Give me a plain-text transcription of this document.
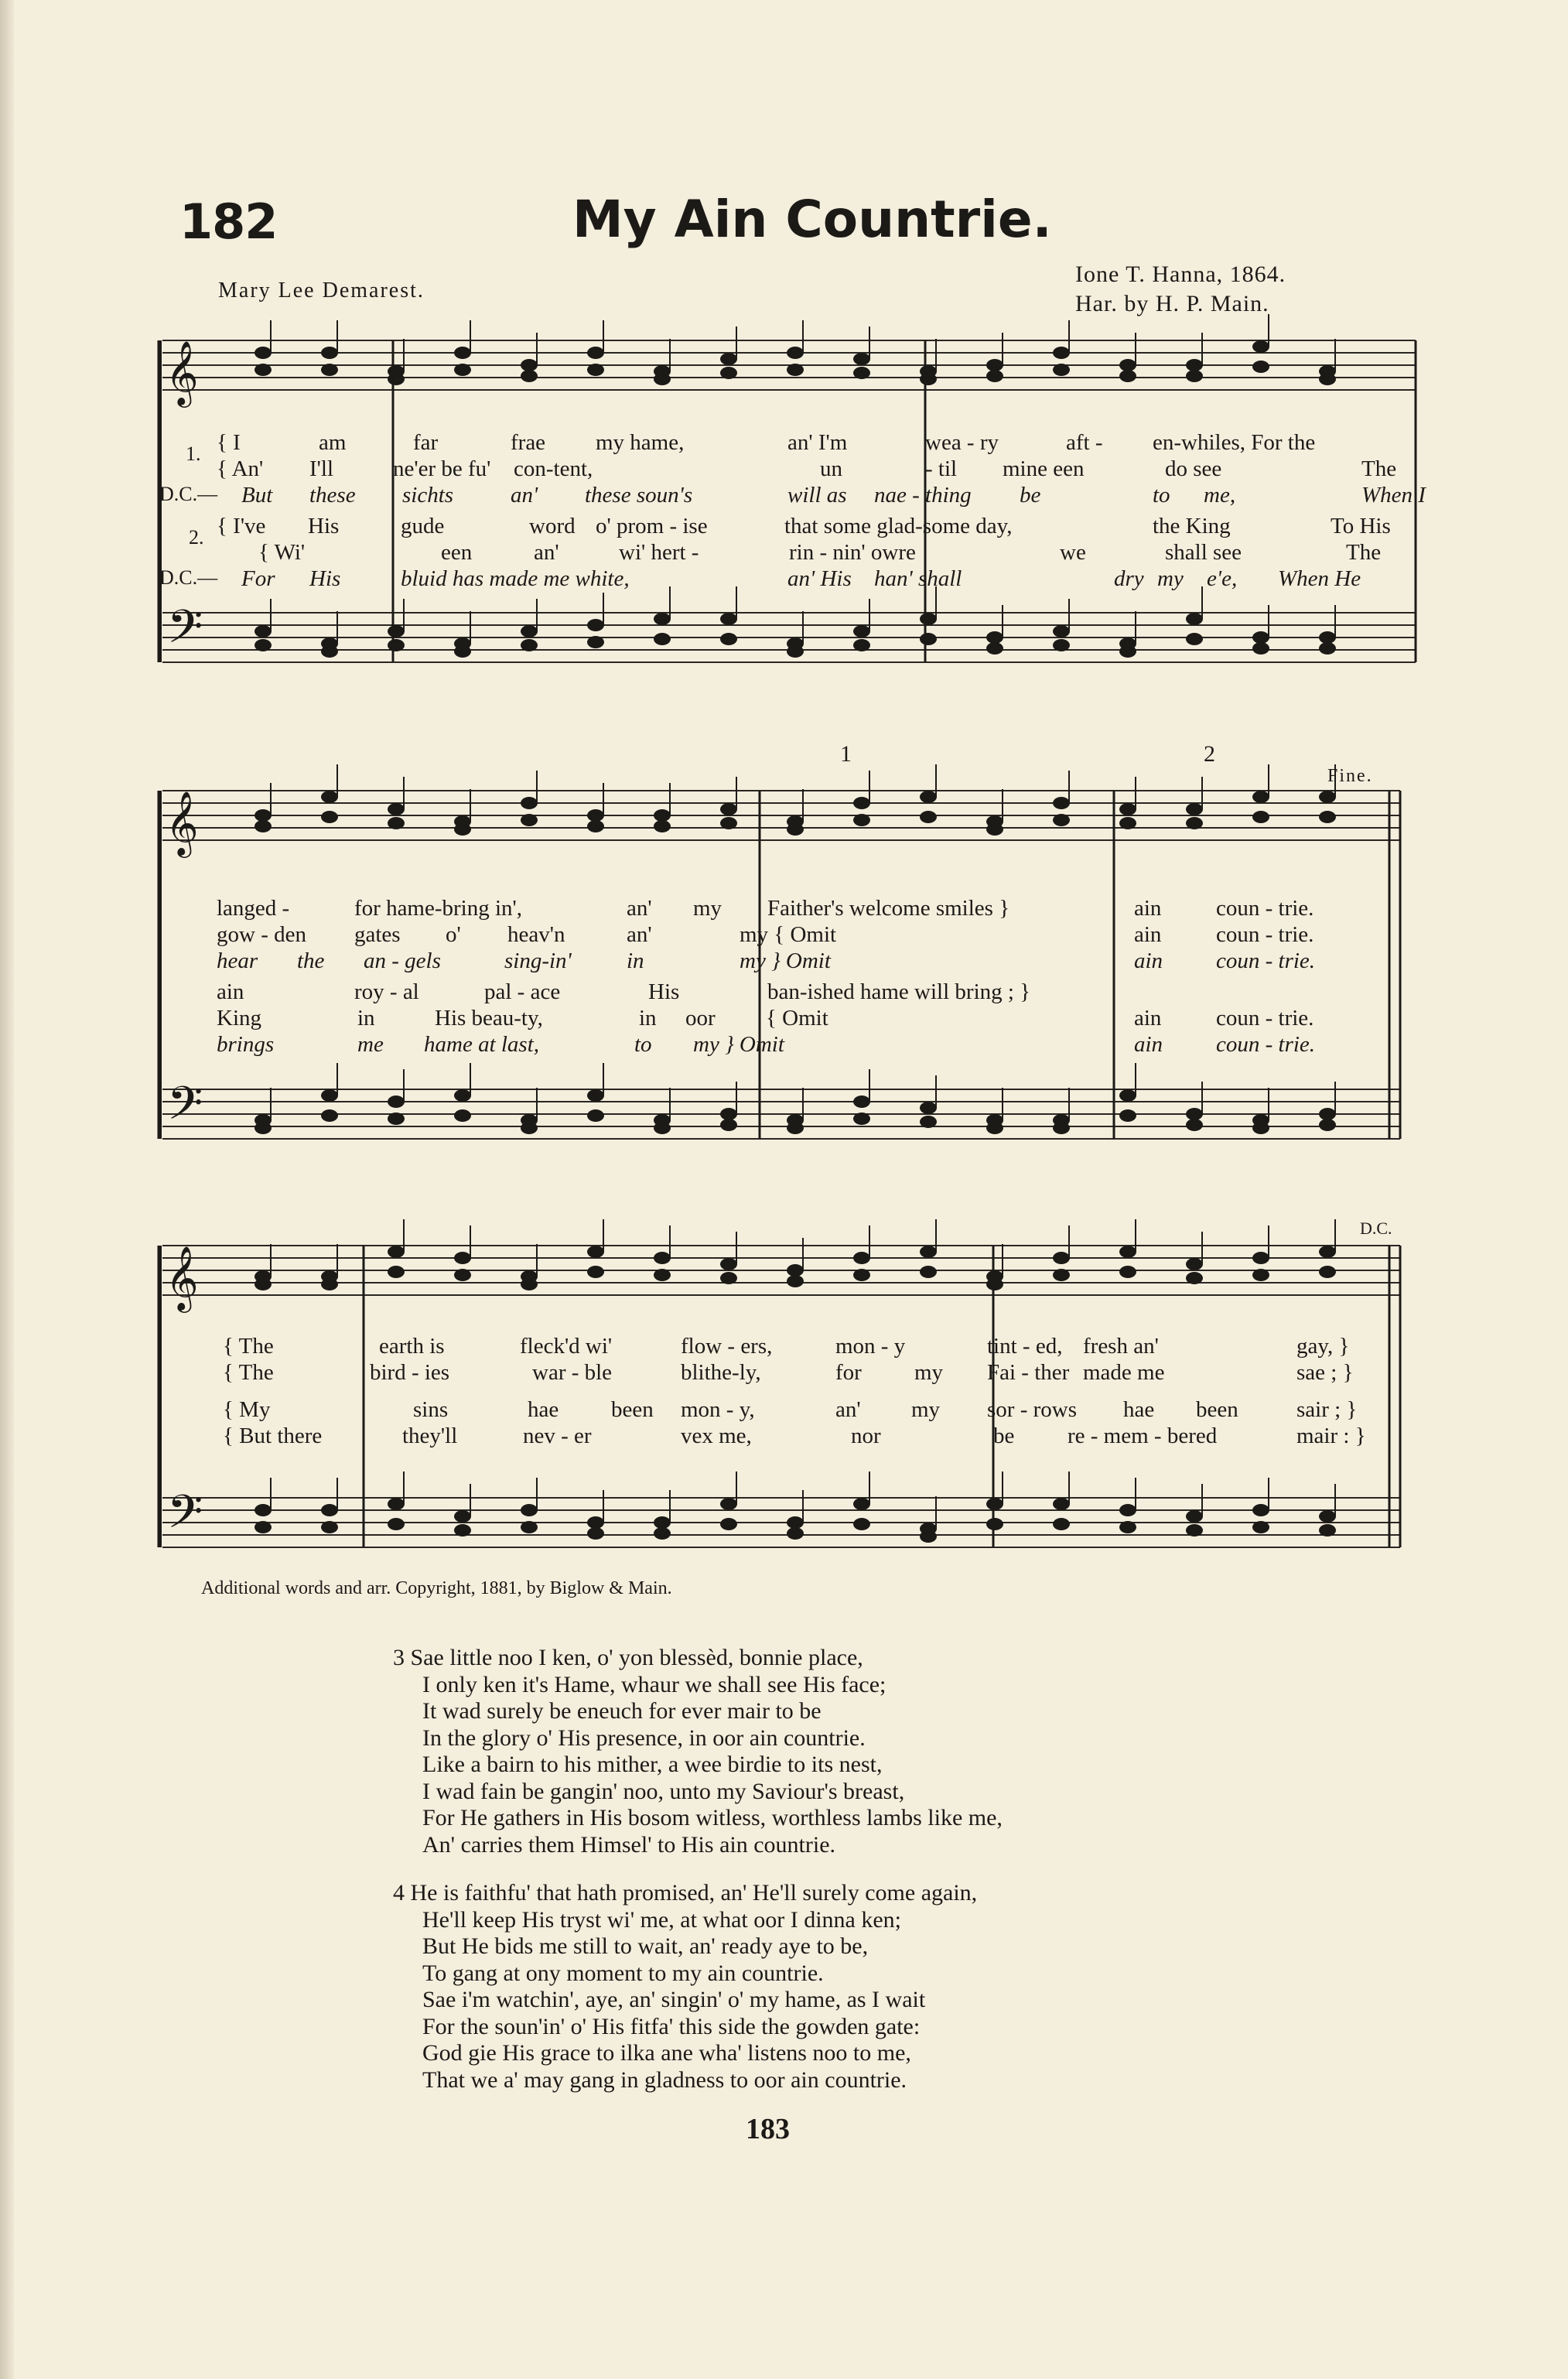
182	My Ain Countrie.
Mary Lee Demarest.
Ione T. Hanna, 1864.
Har. by H. P. Main.
𝄞
𝄢
𝄞
𝄢
𝄞
𝄢
{ I	am	far	frae my hame,	an' I'm	wea - ry	aft - en-whiles, For the
{ An' I'll	ne'er be fu' con-tent,	un	- til mine een	do see	The
But these sichts	an' these soun's	will as nae - thing be	to me,	When I
{ I've His	gude	word o' prom - ise	that some glad-some day,	the King	To His
{ Wi'	een	an'	wi' hert -	rin - nin' owre	we	shall see	The
For His	bluid has made me white,	an' His han' shall	dry my e'e, When He
1.
D.C.—
2.
D.C.—
1	2
Fine.
langed -	for hame-bring in',	an' my Faither's welcome smiles }	ain coun - trie.
gow - den gates o' heav'n	an'	my { Omit	ain coun - trie.
hear the an - gels	sing-in' in	my } Omit	ain coun - trie.
ain	roy - al	pal - ace	His	ban-ished hame will bring ; }
King	in	His beau-ty,	in oor { Omit	ain coun - trie.
brings	me hame at last,	to my } Omit	ain coun - trie.
D.C.
{ The	earth is	fleck'd wi'	flow - ers,	mon - y	tint - ed, fresh an'	gay, }
{ The	bird - ies	war - ble	blithe-ly,	for my Fai - ther made me	sae ; }
{ My	sins	hae been mon - y,	an' my sor - rows hae been	sair ; }
{ But there	they'll	nev - er	vex me,	nor	be re - mem - bered	mair : }
Additional words and arr. Copyright, 1881, by Biglow & Main.
3 Sae little noo I ken, o' yon blessèd, bonnie place,
I only ken it's Hame, whaur we shall see His face;
It wad surely be eneuch for ever mair to be
In the glory o' His presence, in oor ain countrie.
Like a bairn to his mither, a wee birdie to its nest,
I wad fain be gangin' noo, unto my Saviour's breast,
For He gathers in His bosom witless, worthless lambs like me,
An' carries them Himsel' to His ain countrie.
4 He is faithfu' that hath promised, an' He'll surely come again,
He'll keep His tryst wi' me, at what oor I dinna ken;
But He bids me still to wait, an' ready aye to be,
To gang at ony moment to my ain countrie.
Sae i'm watchin', aye, an' singin' o' my hame, as I wait
For the soun'in' o' His fitfa' this side the gowden gate:
God gie His grace to ilka ane wha' listens noo to me,
That we a' may gang in gladness to oor ain countrie.
183
